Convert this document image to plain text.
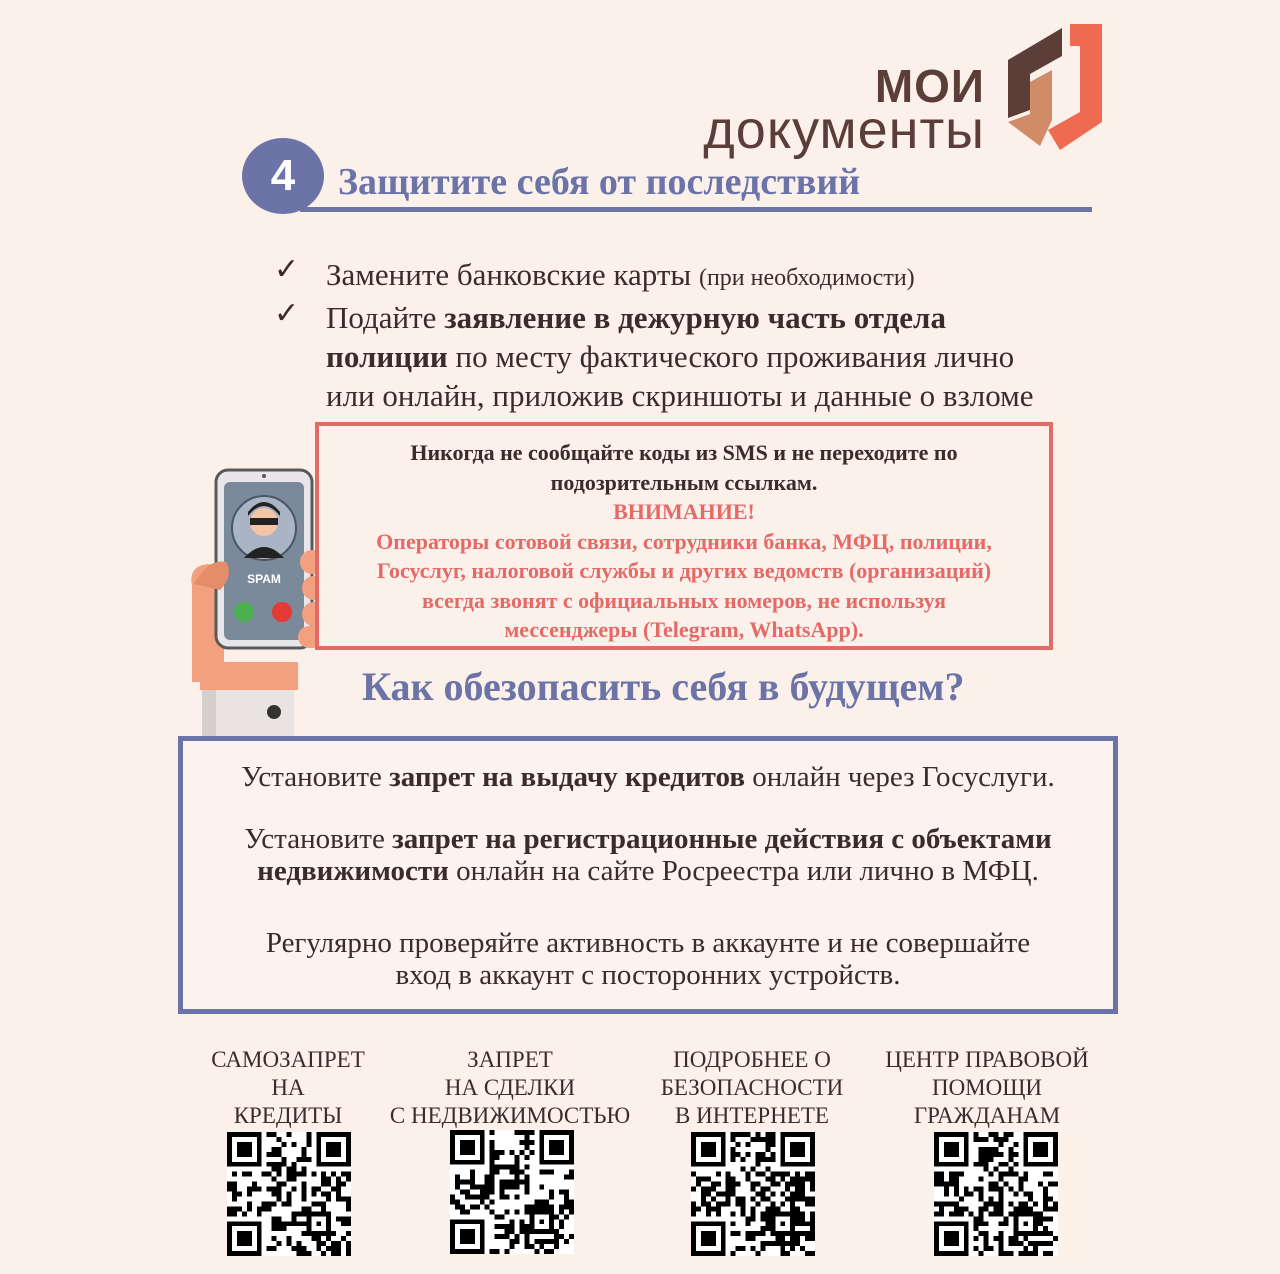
МОИ
документы
4	Защитите себя от последствий
✓ Замените банковские карты (при необходимости)
✓ Подайте заявление в дежурную часть отдела
полиции по месту фактического проживания лично
или онлайн, приложив скриншоты и данные о взломе
SPAM
Никогда не сообщайте коды из SMS и не переходите по
подозрительным ссылкам.
ВНИМАНИЕ!
Операторы сотовой связи, сотрудники банка, МФЦ, полиции,
Госуслуг, налоговой службы и других ведомств (организаций)
всегда звонят с официальных номеров, не используя
мессенджеры (Telegram, WhatsApp).
Как обезопасить себя в будущем?
Установите запрет на выдачу кредитов онлайн через Госуслуги.
Установите запрет на регистрационные действия с объектами
недвижимости онлайн на сайте Росреестра или лично в МФЦ.
Регулярно проверяйте активность в аккаунте и не совершайте
вход в аккаунт с посторонних устройств.
САМОЗАПРЕТ
НА
КРЕДИТЫ
ЗАПРЕТ
НА СДЕЛКИ
С НЕДВИЖИМОСТЬЮ
ПОДРОБНЕЕ О
БЕЗОПАСНОСТИ
В ИНТЕРНЕТЕ
ЦЕНТР ПРАВОВОЙ
ПОМОЩИ
ГРАЖДАНАМ
